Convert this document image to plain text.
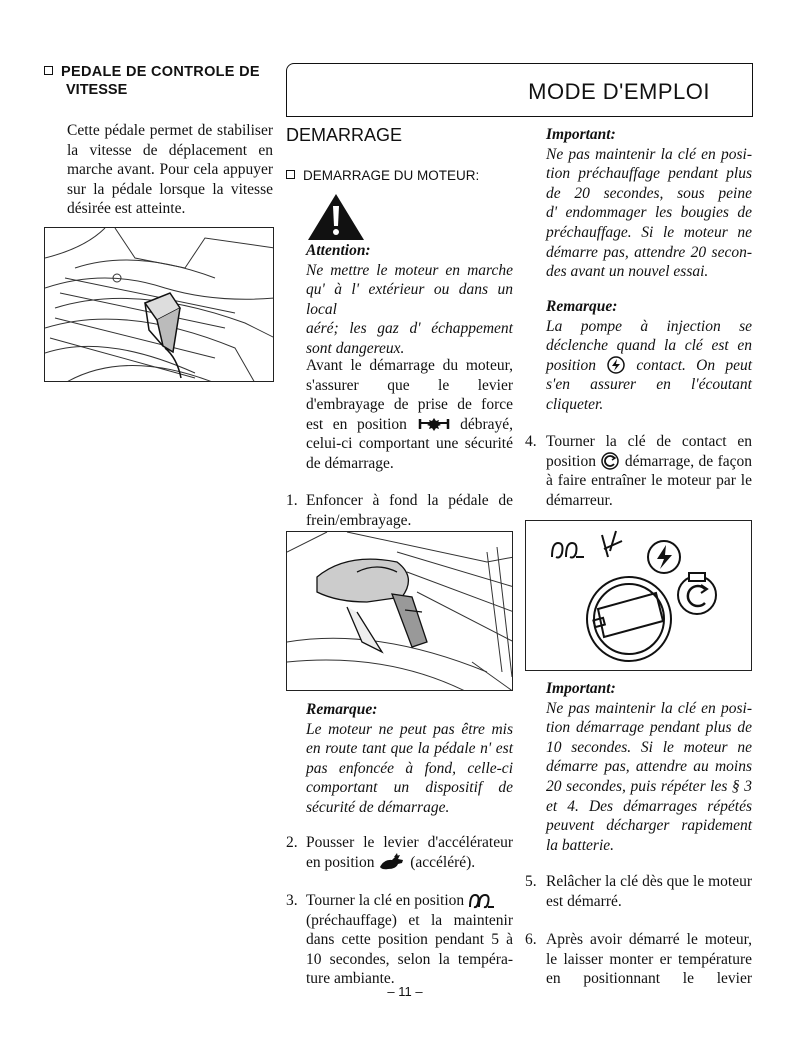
PEDALE DE CONTROLE DE
VITESSE
Cette pédale permet de stabiliser
la vitesse de déplacement en
marche avant. Pour cela appuyer
sur la pédale lorsque la vitesse
désirée est atteinte.
MODE D'EMPLOI
DEMARRAGE
DEMARRAGE DU MOTEUR:
Attention:
Ne mettre le moteur en marche
qu' à l' extérieur ou dans un local
aéré; les gaz d' échappement
sont dangereux.
Avant le démarrage du moteur,
s'assurer que le levier
d'embrayage de prise de force
est en position	débrayé,
celui-ci comportant une sécurité
de démarrage.
1. Enfoncer à fond la pédale de
frein/embrayage.
Remarque:
Le moteur ne peut pas être mis
en route tant que la pédale n' est
pas enfoncée à fond, celle-ci
comportant un dispositif de
sécurité de démarrage.
2. Pousser le levier d'accélérateur
en position (accéléré).
3. Tourner la clé en position
(préchauffage) et la maintenir
dans cette position pendant 5 à
10 secondes, selon la tempéra-
ture ambiante.
Important:
Ne pas maintenir la clé en posi-
tion préchauffage pendant plus
de 20 secondes, sous peine
d' endommager les bougies de
préchauffage. Si le moteur ne
démarre pas, attendre 20 secon-
des avant un nouvel essai.
Remarque:
La pompe à injection se
déclenche quand la clé est en
position	contact. On peut
s'en assurer en l'écoutant
cliqueter.
4. Tourner la clé de contact en
position démarrage, de façon
à faire entraîner le moteur par le
démarreur.
Important:
Ne pas maintenir la clé en posi-
tion démarrage pendant plus de
10 secondes. Si le moteur ne
démarre pas, attendre au moins
20 secondes, puis répéter les § 3
et 4. Des démarrages répétés
peuvent décharger rapidement
la batterie.
5. Relâcher la clé dès que le moteur
est démarré.
6. Après avoir démarré le moteur,
le laisser monter er température
en positionnant le levier
– 11 –
